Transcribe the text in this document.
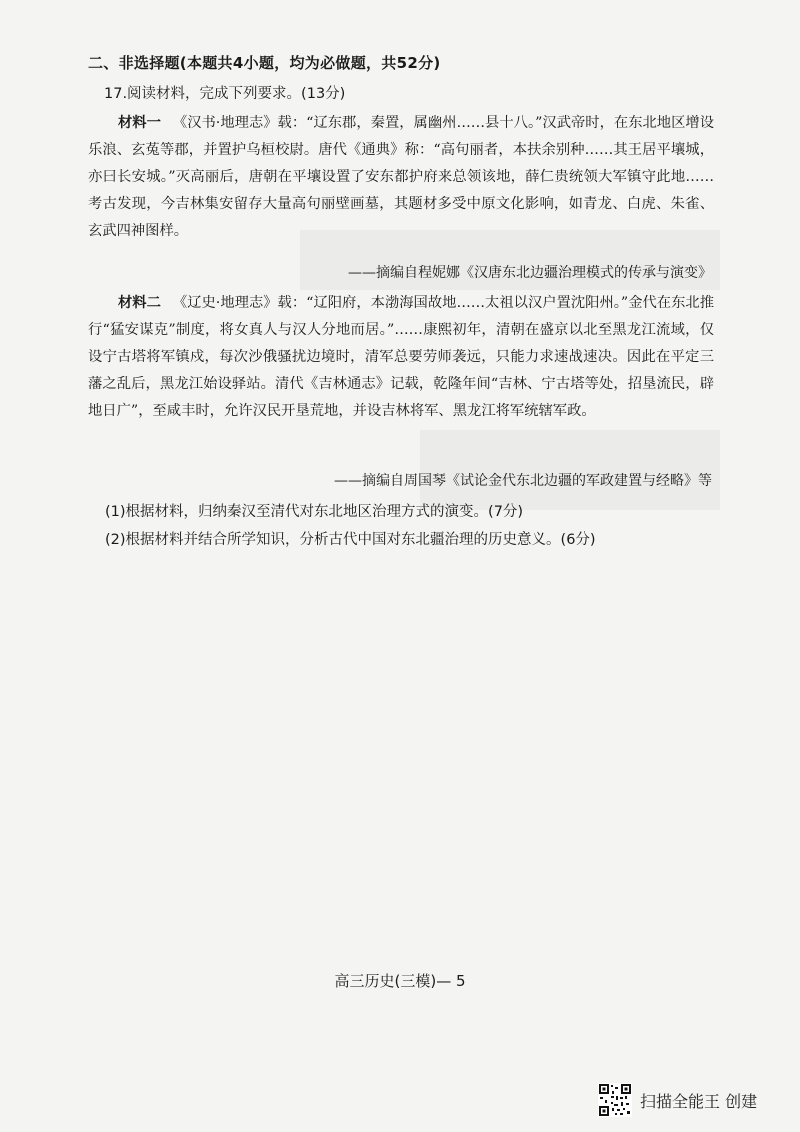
二、非选择题(本题共4小题，均为必做题，共52分)
17.阅读材料，完成下列要求。(13分)
材料一 《汉书·地理志》载：“辽东郡，秦置，属幽州……县十八。”汉武帝时，在东北地区增设乐浪、玄菟等郡，并置护乌桓校尉。唐代《通典》称：“高句丽者，本扶余别种……其王居平壤城，亦曰长安城。”灭高丽后，唐朝在平壤设置了安东都护府来总领该地，薛仁贵统领大军镇守此地……考古发现，今吉林集安留存大量高句丽壁画墓，其题材多受中原文化影响，如青龙、白虎、朱雀、玄武四神图样。
——摘编自程妮娜《汉唐东北边疆治理模式的传承与演变》
材料二 《辽史·地理志》载：“辽阳府，本渤海国故地……太祖以汉户置沈阳州。”金代在东北推行“猛安谋克”制度，将女真人与汉人分地而居。”……康熙初年，清朝在盛京以北至黑龙江流域，仅设宁古塔将军镇戍，每次沙俄骚扰边境时，清军总要劳师袭远，只能力求速战速决。因此在平定三藩之乱后，黑龙江始设驿站。清代《吉林通志》记载，乾隆年间“吉林、宁古塔等处，招垦流民，辟地日广”，至咸丰时，允许汉民开垦荒地，并设吉林将军、黑龙江将军统辖军政。
——摘编自周国琴《试论金代东北边疆的军政建置与经略》等
(1)根据材料，归纳秦汉至清代对东北地区治理方式的演变。(7分)
(2)根据材料并结合所学知识，分析古代中国对东北疆治理的历史意义。(6分)
高三历史(三模)— 5
扫描全能王 创建
